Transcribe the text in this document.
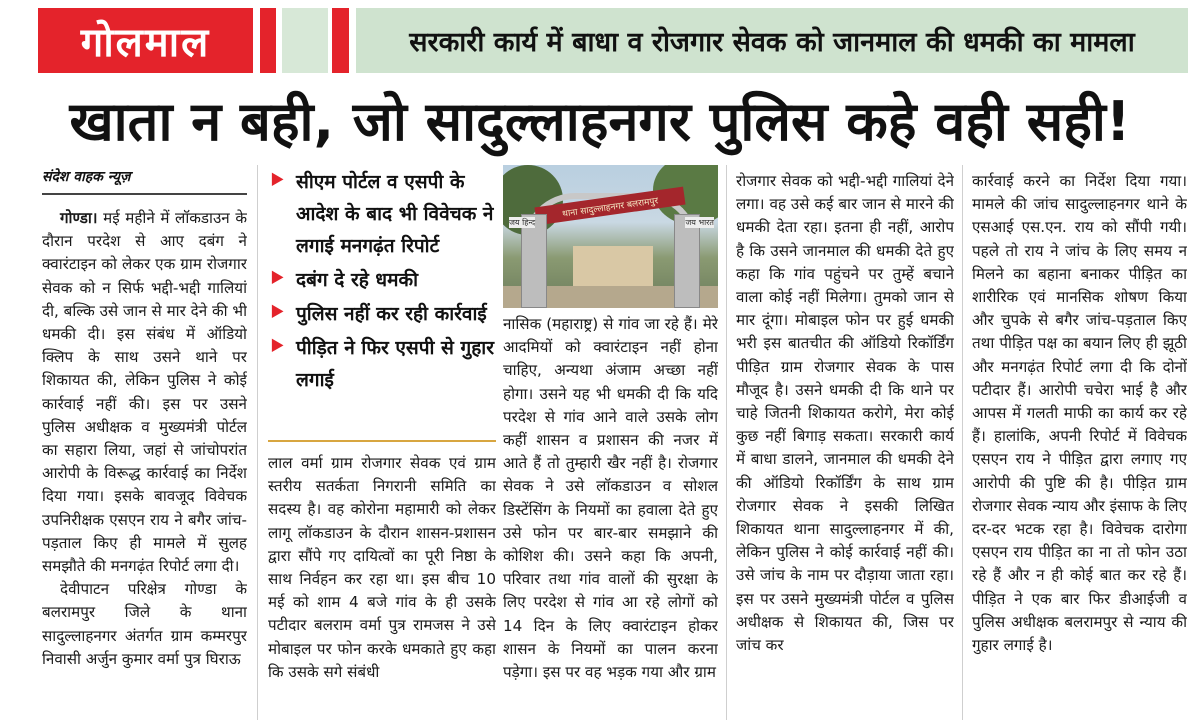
गोलमाल	सरकारी कार्य में बाधा व रोजगार सेवक को जानमाल की धमकी का मामला
खाता न बही, जो सादुल्लाहनगर पुलिस कहे वही सही!
संदेश वाहक न्यूज़

गोण्डा। मई महीने में लॉकडाउन के दौरान परदेश से आए दबंग ने क्वारंटाइन को लेकर एक ग्राम रोजगार सेवक को न सिर्फ भद्दी-भद्दी गालियां दी, बल्कि उसे जान से मार देने की भी धमकी दी। इस संबंध में ऑडियो क्लिप के साथ उसने थाने पर शिकायत की, लेकिन पुलिस ने कोई कार्रवाई नहीं की। इस पर उसने पुलिस अधीक्षक व मुख्यमंत्री पोर्टल का सहारा लिया, जहां से जांचोपरांत आरोपी के विरूद्ध कार्रवाई का निर्देश दिया गया। इसके बावजूद विवेचक उपनिरीक्षक एसएन राय ने बगैर जांच-पड़ताल किए ही मामले में सुलह समझौते की मनगढ़ंत रिपोर्ट लगा दी।

देवीपाटन परिक्षेत्र गोण्डा के बलरामपुर जिले के थाना सादुल्लाहनगर अंतर्गत ग्राम कम्मरपुर निवासी अर्जुन कुमार वर्मा पुत्र घिराऊ

⯈ सीएम पोर्टल व एसपी के आदेश के बाद भी विवेचक ने लगाई मनगढ़ंत रिपोर्ट
⯈ दबंग दे रहे धमकी
⯈ पुलिस नहीं कर रही कार्रवाई
⯈ पीड़ित ने फिर एसपी से गुहार लगाई

लाल वर्मा ग्राम रोजगार सेवक एवं ग्राम स्तरीय सतर्कता निगरानी समिति का सदस्य है। वह कोरोना महामारी को लेकर लागू लॉकडाउन के दौरान शासन-प्रशासन द्वारा सौंपे गए दायित्वों का पूरी निष्ठा के साथ निर्वहन कर रहा था। इस बीच 10 मई को शाम 4 बजे गांव के ही उसके पटीदार बलराम वर्मा पुत्र रामजस ने उसे मोबाइल पर फोन करके धमकाते हुए कहा कि उसके सगे संबंधी

थाना सादुल्लाहनगर बलरामपुर
जय हिन्द	जय भारत

नासिक (महाराष्ट्र) से गांव जा रहे हैं। मेरे आदमियों को क्वारंटाइन नहीं होना चाहिए, अन्यथा अंजाम अच्छा नहीं होगा। उसने यह भी धमकी दी कि यदि परदेश से गांव आने वाले उसके लोग कहीं शासन व प्रशासन की नजर में आते हैं तो तुम्हारी खैर नहीं है। रोजगार सेवक ने उसे लॉकडाउन व सोशल डिस्टेंसिंग के नियमों का हवाला देते हुए उसे फोन पर बार-बार समझाने की कोशिश की। उसने कहा कि अपनी, परिवार तथा गांव वालों की सुरक्षा के लिए परदेश से गांव आ रहे लोगों को 14 दिन के लिए क्वारंटाइन होकर शासन के नियमों का पालन करना पड़ेगा। इस पर वह भड़क गया और ग्राम

रोजगार सेवक को भद्दी-भद्दी गालियां देने लगा। वह उसे कई बार जान से मारने की धमकी देता रहा। इतना ही नहीं, आरोप है कि उसने जानमाल की धमकी देते हुए कहा कि गांव पहुंचने पर तुम्हें बचाने वाला कोई नहीं मिलेगा। तुमको जान से मार दूंगा। मोबाइल फोन पर हुई धमकी भरी इस बातचीत की ऑडियो रिकॉर्डिंग पीड़ित ग्राम रोजगार सेवक के पास मौजूद है। उसने धमकी दी कि थाने पर चाहे जितनी शिकायत करोगे, मेरा कोई कुछ नहीं बिगाड़ सकता। सरकारी कार्य में बाधा डालने, जानमाल की धमकी देने की ऑडियो रिकॉर्डिंग के साथ ग्राम रोजगार सेवक ने इसकी लिखित शिकायत थाना सादुल्लाहनगर में की, लेकिन पुलिस ने कोई कार्रवाई नहीं की। उसे जांच के नाम पर दौड़ाया जाता रहा। इस पर उसने मुख्यमंत्री पोर्टल व पुलिस अधीक्षक से शिकायत की, जिस पर जांच कर

कार्रवाई करने का निर्देश दिया गया। मामले की जांच सादुल्लाहनगर थाने के एसआई एस.एन. राय को सौंपी गयी। पहले तो राय ने जांच के लिए समय न मिलने का बहाना बनाकर पीड़ित का शारीरिक एवं मानसिक शोषण किया और चुपके से बगैर जांच-पड़ताल किए तथा पीड़ित पक्ष का बयान लिए ही झूठी और मनगढ़ंत रिपोर्ट लगा दी कि दोनों पटीदार हैं। आरोपी चचेरा भाई है और आपस में गलती माफी का कार्य कर रहे हैं। हालांकि, अपनी रिपोर्ट में विवेचक एसएन राय ने पीड़ित द्वारा लगाए गए आरोपी की पुष्टि की है। पीड़ित ग्राम रोजगार सेवक न्याय और इंसाफ के लिए दर-दर भटक रहा है। विवेचक दारोगा एसएन राय पीड़ित का ना तो फोन उठा रहे हैं और न ही कोई बात कर रहे हैं। पीड़ित ने एक बार फिर डीआईजी व पुलिस अधीक्षक बलरामपुर से न्याय की गुहार लगाई है।
